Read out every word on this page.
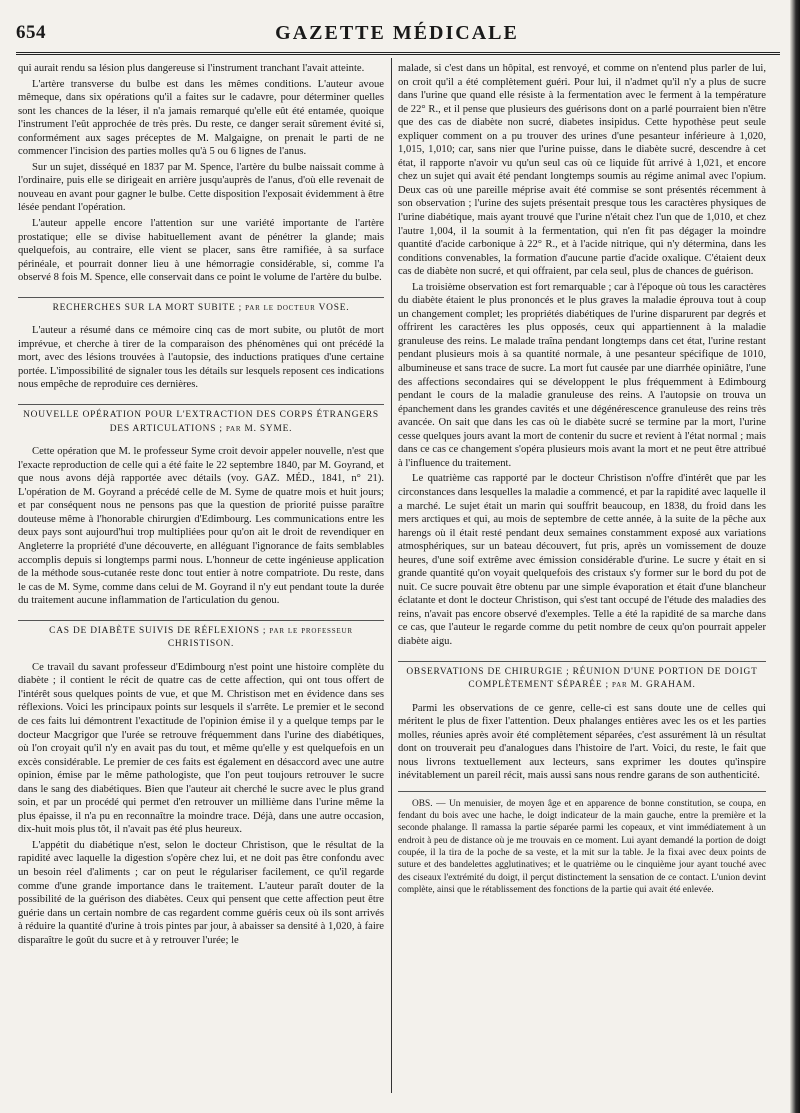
GAZETTE MÉDICALE
654

qui aurait rendu sa lésion plus dangereuse si l'instrument tranchant l'avait atteinte.

L'artère transverse du bulbe est dans les mêmes conditions. L'auteur avoue mêmeque, dans six opérations qu'il a faites sur le cadavre, pour déterminer quelles sont les chances de la léser, il n'a jamais remarqué qu'elle eût été entamée, quoique l'instrument l'eût approchée de très près. Du reste, ce danger serait sûrement évité si, conformément aux sages préceptes de M. Malgaigne, on prenait le parti de ne commencer l'incision des parties molles qu'à 5 ou 6 lignes de l'anus.

Sur un sujet, disséqué en 1837 par M. Spence, l'artère du bulbe naissait comme à l'ordinaire, puis elle se dirigeait en arrière jusqu'auprès de l'anus, d'où elle revenait de nouveau en avant pour gagner le bulbe. Cette disposition l'exposait évidemment à être lésée pendant l'opération.

L'auteur appelle encore l'attention sur une variété importante de l'artère prostatique; elle se divise habituellement avant de pénétrer la glande; mais quelquefois, au contraire, elle vient se placer, sans être ramifiée, à sa surface périnéale, et pourrait donner lieu à une hémorragie considérable, si, comme l'a observé 8 fois M. Spence, elle conservait dans ce point le volume de l'artère du bulbe.

RECHERCHES SUR LA MORT SUBITE ; par le docteur VOSE.

L'auteur a résumé dans ce mémoire cinq cas de mort subite, ou plutôt de mort imprévue, et cherche à tirer de la comparaison des phénomènes qui ont précédé la mort, avec des lésions trouvées à l'autopsie, des inductions pratiques d'une certaine portée. L'impossibilité de signaler tous les détails sur lesquels reposent ces indications nous empêche de reproduire ces dernières.

NOUVELLE OPÉRATION POUR L'EXTRACTION DES CORPS ÉTRANGERS DES ARTICULATIONS ; par M. SYME.

Cette opération que M. le professeur Syme croit devoir appeler nouvelle, n'est que l'exacte reproduction de celle qui a été faite le 22 septembre 1840, par M. Goyrand, et que nous avons déjà rapportée avec détails (voy. GAZ. MÉD., 1841, n° 21). L'opération de M. Goyrand a précédé celle de M. Syme de quatre mois et huit jours; et par conséquent nous ne pensons pas que la question de priorité puisse paraître douteuse même à l'honorable chirurgien d'Edimbourg. Les communications entre les deux pays sont aujourd'hui trop multipliées pour qu'on ait le droit de revendiquer en Angleterre la propriété d'une découverte, en alléguant l'ignorance de faits semblables accomplis depuis si longtemps parmi nous. L'honneur de cette ingénieuse application de la méthode sous-cutanée reste donc tout entier à notre compatriote. Du reste, dans le cas de M. Syme, comme dans celui de M. Goyrand il n'y eut pendant toute la durée du traitement aucune inflammation de l'articulation du genou.

CAS DE DIABÈTE SUIVIS DE RÉFLEXIONS ; par le professeur CHRISTISON.

Ce travail du savant professeur d'Edimbourg n'est point une histoire complète du diabète ; il contient le récit de quatre cas de cette affection, qui ont tous offert de l'intérêt sous quelques points de vue, et que M. Christison met en évidence dans ses réflexions. Voici les principaux points sur lesquels il s'arrête. Le premier et le second de ces faits lui démontrent l'exactitude de l'opinion émise il y a quelque temps par le docteur Macgrigor que l'urée se retrouve fréquemment dans l'urine des diabétiques, où l'on croyait qu'il n'y en avait pas du tout, et même qu'elle y est quelquefois en un excès considérable. Le premier de ces faits est également en désaccord avec une autre opinion, émise par le même pathologiste, que l'on peut toujours retrouver le sucre dans le sang des diabétiques. Bien que l'auteur ait cherché le sucre avec le plus grand soin, et par un procédé qui permet d'en retrouver un millième dans l'urine même la plus épaisse, il n'a pu en reconnaître la moindre trace. Déjà, dans une autre occasion, dix-huit mois plus tôt, il n'avait pas été plus heureux.

L'appétit du diabétique n'est, selon le docteur Christison, que le résultat de la rapidité avec laquelle la digestion s'opère chez lui, et ne doit pas être confondu avec un besoin réel d'aliments ; car on peut le régulariser facilement, ce qu'il regarde comme d'une grande importance dans le traitement. L'auteur paraît douter de la possibilité de la guérison des diabètes. Ceux qui pensent que cette affection peut être guérie dans un certain nombre de cas regardent comme guéris ceux où ils sont arrivés à réduire la quantité d'urine à trois pintes par jour, à abaisser sa densité à 1,020, à faire disparaître le goût du sucre et à y retrouver l'urée; le

malade, si c'est dans un hôpital, est renvoyé, et comme on n'entend plus parler de lui, on croit qu'il a été complètement guéri. Pour lui, il n'admet qu'il n'y a plus de sucre dans l'urine que quand elle résiste à la fermentation avec le ferment à la température de 22° R., et il pense que plusieurs des guérisons dont on a parlé pourraient bien n'être que des cas de diabète non sucré, diabetes insipidus. Cette hypothèse peut seule expliquer comment on a pu trouver des urines d'une pesanteur inférieure à 1,020, 1,015, 1,010; car, sans nier que l'urine puisse, dans le diabète sucré, descendre à cet état, il rapporte n'avoir vu qu'un seul cas où ce liquide fût arrivé à 1,021, et encore chez un sujet qui avait été pendant longtemps soumis au régime animal avec l'opium. Deux cas où une pareille méprise avait été commise se sont présentés récemment à son observation ; l'urine des sujets présentait presque tous les caractères physiques de l'urine diabétique, mais ayant trouvé que l'urine n'était chez l'un que de 1,010, et chez l'autre 1,004, il la soumit à la fermentation, qui n'en fit pas dégager la moindre quantité d'acide carbonique à 22° R., et à l'acide nitrique, qui n'y détermina, dans les conditions convenables, la formation d'aucune partie d'acide oxalique. C'étaient deux cas de diabète non sucré, et qui offraient, par cela seul, plus de chances de guérison.

La troisième observation est fort remarquable ; car à l'époque où tous les caractères du diabète étaient le plus prononcés et le plus graves la maladie éprouva tout à coup un changement complet; les propriétés diabétiques de l'urine disparurent par degrés et offrirent les caractères les plus opposés, ceux qui appartiennent à la maladie granuleuse des reins. Le malade traîna pendant longtemps dans cet état, l'urine restant pendant plusieurs mois à sa quantité normale, à une pesanteur spécifique de 1010, albumineuse et sans trace de sucre. La mort fut causée par une diarrhée opiniâtre, l'une des affections secondaires qui se développent le plus fréquemment à Edimbourg pendant le cours de la maladie granuleuse des reins. A l'autopsie on trouva un épanchement dans les grandes cavités et une dégénérescence granuleuse des reins très avancée. On sait que dans les cas où le diabète sucré se termine par la mort, l'urine cesse quelques jours avant la mort de contenir du sucre et revient à l'état normal ; mais dans ce cas ce changement s'opéra plusieurs mois avant la mort et ne peut être attribué à l'influence du traitement.

Le quatrième cas rapporté par le docteur Christison n'offre d'intérêt que par les circonstances dans lesquelles la maladie a commencé, et par la rapidité avec laquelle il a marché. Le sujet était un marin qui souffrit beaucoup, en 1838, du froid dans les mers arctiques et qui, au mois de septembre de cette année, à la suite de la pêche aux harengs où il était resté pendant deux semaines constamment exposé aux variations atmosphériques, sur un bateau découvert, fut pris, après un vomissement de douze heures, d'une soif extrême avec émission considérable d'urine. Le sucre y était en si grande quantité qu'on voyait quelquefois des cristaux s'y former sur le bord du pot de nuit. Ce sucre pouvait être obtenu par une simple évaporation et était d'une blancheur éclatante et dont le docteur Christison, qui s'est tant occupé de l'étude des maladies des reins, n'avait pas encore observé d'exemples. Telle a été la rapidité de sa marche dans ce cas, que l'auteur le regarde comme du petit nombre de ceux qu'on pourrait appeler diabète aigu.

OBSERVATIONS DE CHIRURGIE ; RÉUNION D'UNE PORTION DE DOIGT COMPLÈTEMENT SÉPARÉE ; par M. GRAHAM.

Parmi les observations de ce genre, celle-ci est sans doute une de celles qui méritent le plus de fixer l'attention. Deux phalanges entières avec les os et les parties molles, réunies après avoir été complètement séparées, c'est assurément là un résultat dont on trouverait peu d'analogues dans l'histoire de l'art. Voici, du reste, le fait que nous livrons textuellement aux lecteurs, sans exprimer les doutes qu'inspire inévitablement un pareil récit, mais aussi sans nous rendre garans de son authenticité.

OBS. — Un menuisier, de moyen âge et en apparence de bonne constitution, se coupa, en fendant du bois avec une hache, le doigt indicateur de la main gauche, entre la première et la seconde phalange. Il ramassa la partie séparée parmi les copeaux, et vint immédiatement à un endroit à peu de distance où je me trouvais en ce moment. Lui ayant demandé la portion de doigt coupée, il la tira de la poche de sa veste, et la mit sur la table. Je la fixai avec deux points de suture et des bandelettes agglutinatives; et le quatrième ou le cinquième jour ayant touché avec des ciseaux l'extrémité du doigt, il perçut distinctement la sensation de ce contact. L'union devint complète, ainsi que le rétablissement des fonctions de la partie qui avait été enlevée.
